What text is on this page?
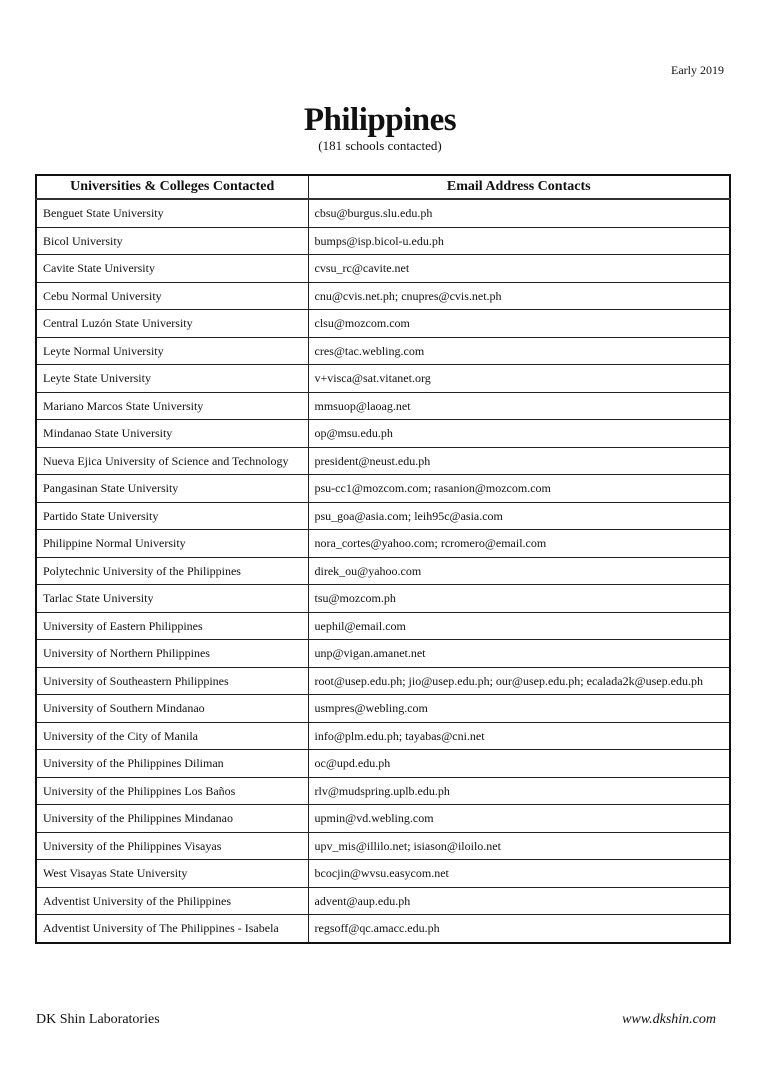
Early 2019
Philippines
(181 schools contacted)
Universities & Colleges Contacted	Email Address Contacts
Benguet State University	cbsu@burgus.slu.edu.ph
Bicol University	bumps@isp.bicol-u.edu.ph
Cavite State University	cvsu_rc@cavite.net
Cebu Normal University	cnu@cvis.net.ph; cnupres@cvis.net.ph
Central Luzón State University	clsu@mozcom.com
Leyte Normal University	cres@tac.webling.com
Leyte State University	v+visca@sat.vitanet.org
Mariano Marcos State University	mmsuop@laoag.net
Mindanao State University	op@msu.edu.ph
Nueva Ejica University of Science and Technology	president@neust.edu.ph
Pangasinan State University	psu-cc1@mozcom.com; rasanion@mozcom.com
Partido State University	psu_goa@asia.com; leih95c@asia.com
Philippine Normal University	nora_cortes@yahoo.com; rcromero@email.com
Polytechnic University of the Philippines	direk_ou@yahoo.com
Tarlac State University	tsu@mozcom.ph
University of Eastern Philippines	uephil@email.com
University of Northern Philippines	unp@vigan.amanet.net
University of Southeastern Philippines	root@usep.edu.ph; jio@usep.edu.ph; our@usep.edu.ph; ecalada2k@usep.edu.ph
University of Southern Mindanao	usmpres@webling.com
University of the City of Manila	info@plm.edu.ph; tayabas@cni.net
University of the Philippines Diliman	oc@upd.edu.ph
University of the Philippines Los Baños	rlv@mudspring.uplb.edu.ph
University of the Philippines Mindanao	upmin@vd.webling.com
University of the Philippines Visayas	upv_mis@illilo.net; isiason@iloilo.net
West Visayas State University	bcocjin@wvsu.easycom.net
Adventist University of the Philippines	advent@aup.edu.ph
Adventist University of The Philippines - Isabela	regsoff@qc.amacc.edu.ph
DK Shin Laboratories	www.dkshin.com
